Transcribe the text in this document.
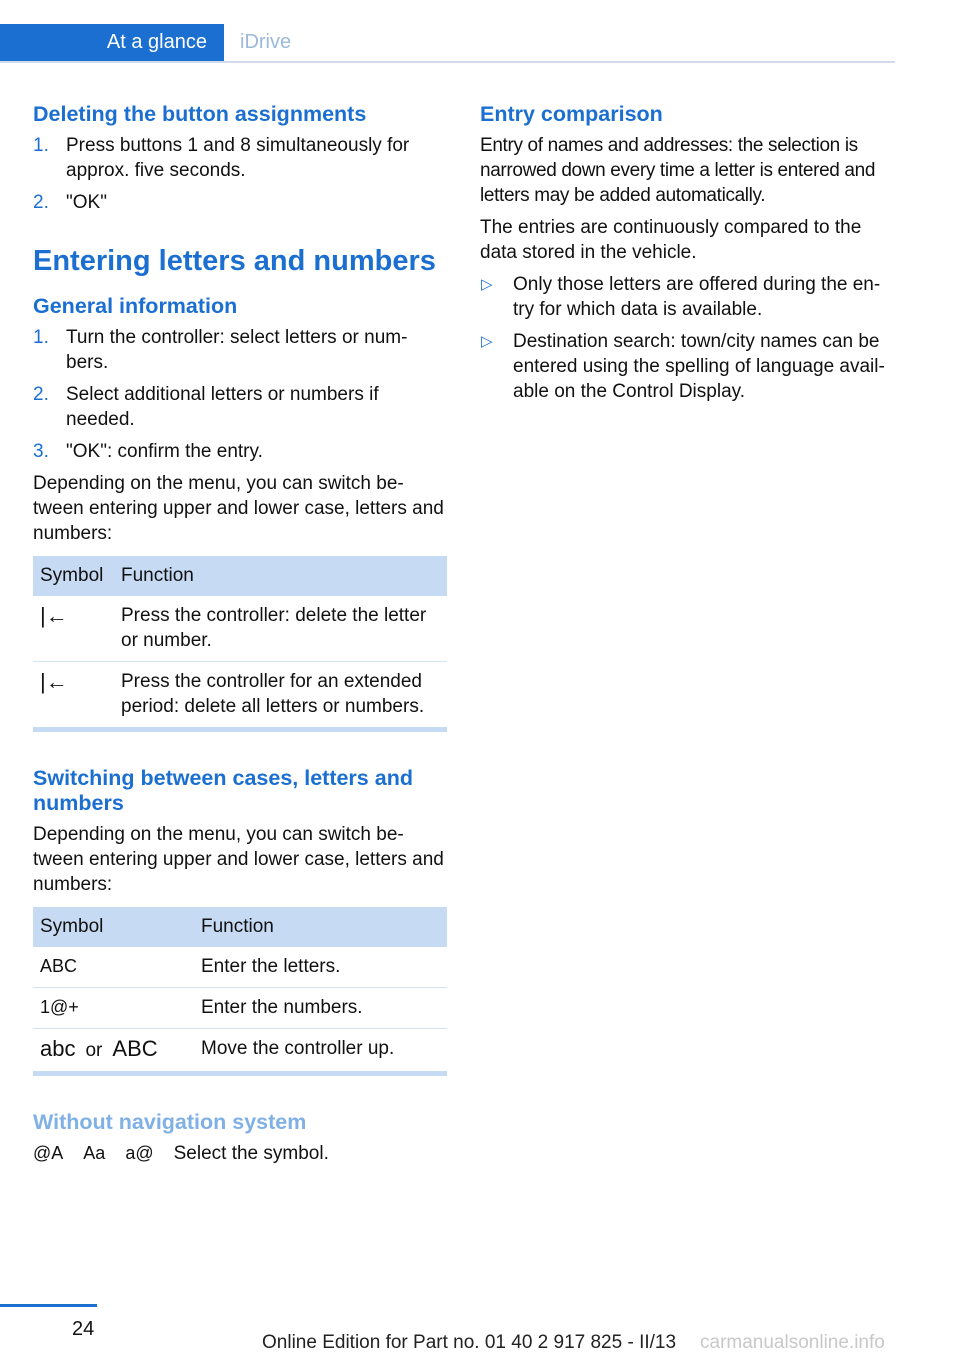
At a glance	iDrive
Deleting the button assignments
1. Press buttons 1 and 8 simultaneously for approx. five seconds.
2. "OK"
Entering letters and numbers
General information
1. Turn the controller: select letters or num‐bers.
2. Select additional letters or numbers if needed.
3. "OK": confirm the entry.
Depending on the menu, you can switch be‐tween entering upper and lower case, letters and numbers:
Symbol	Function
|←	Press the controller: delete the letter or number.
|←	Press the controller for an extended period: delete all letters or numbers.
Switching between cases, letters and numbers
Depending on the menu, you can switch be‐tween entering upper and lower case, letters and numbers:
Symbol	Function
ABC	Enter the letters.
1@+	Enter the numbers.
abc or ABC	Move the controller up.
Without navigation system
@A Aa a@ Select the symbol.
Entry comparison
Entry of names and addresses: the selection is narrowed down every time a letter is entered and letters may be added automatically.
The entries are continuously compared to the data stored in the vehicle.
▷ Only those letters are offered during the en‐try for which data is available.
▷ Destination search: town/city names can be entered using the spelling of language avail‐able on the Control Display.
24
Online Edition for Part no. 01 40 2 917 825 - II/13 carmanualsonline.info
